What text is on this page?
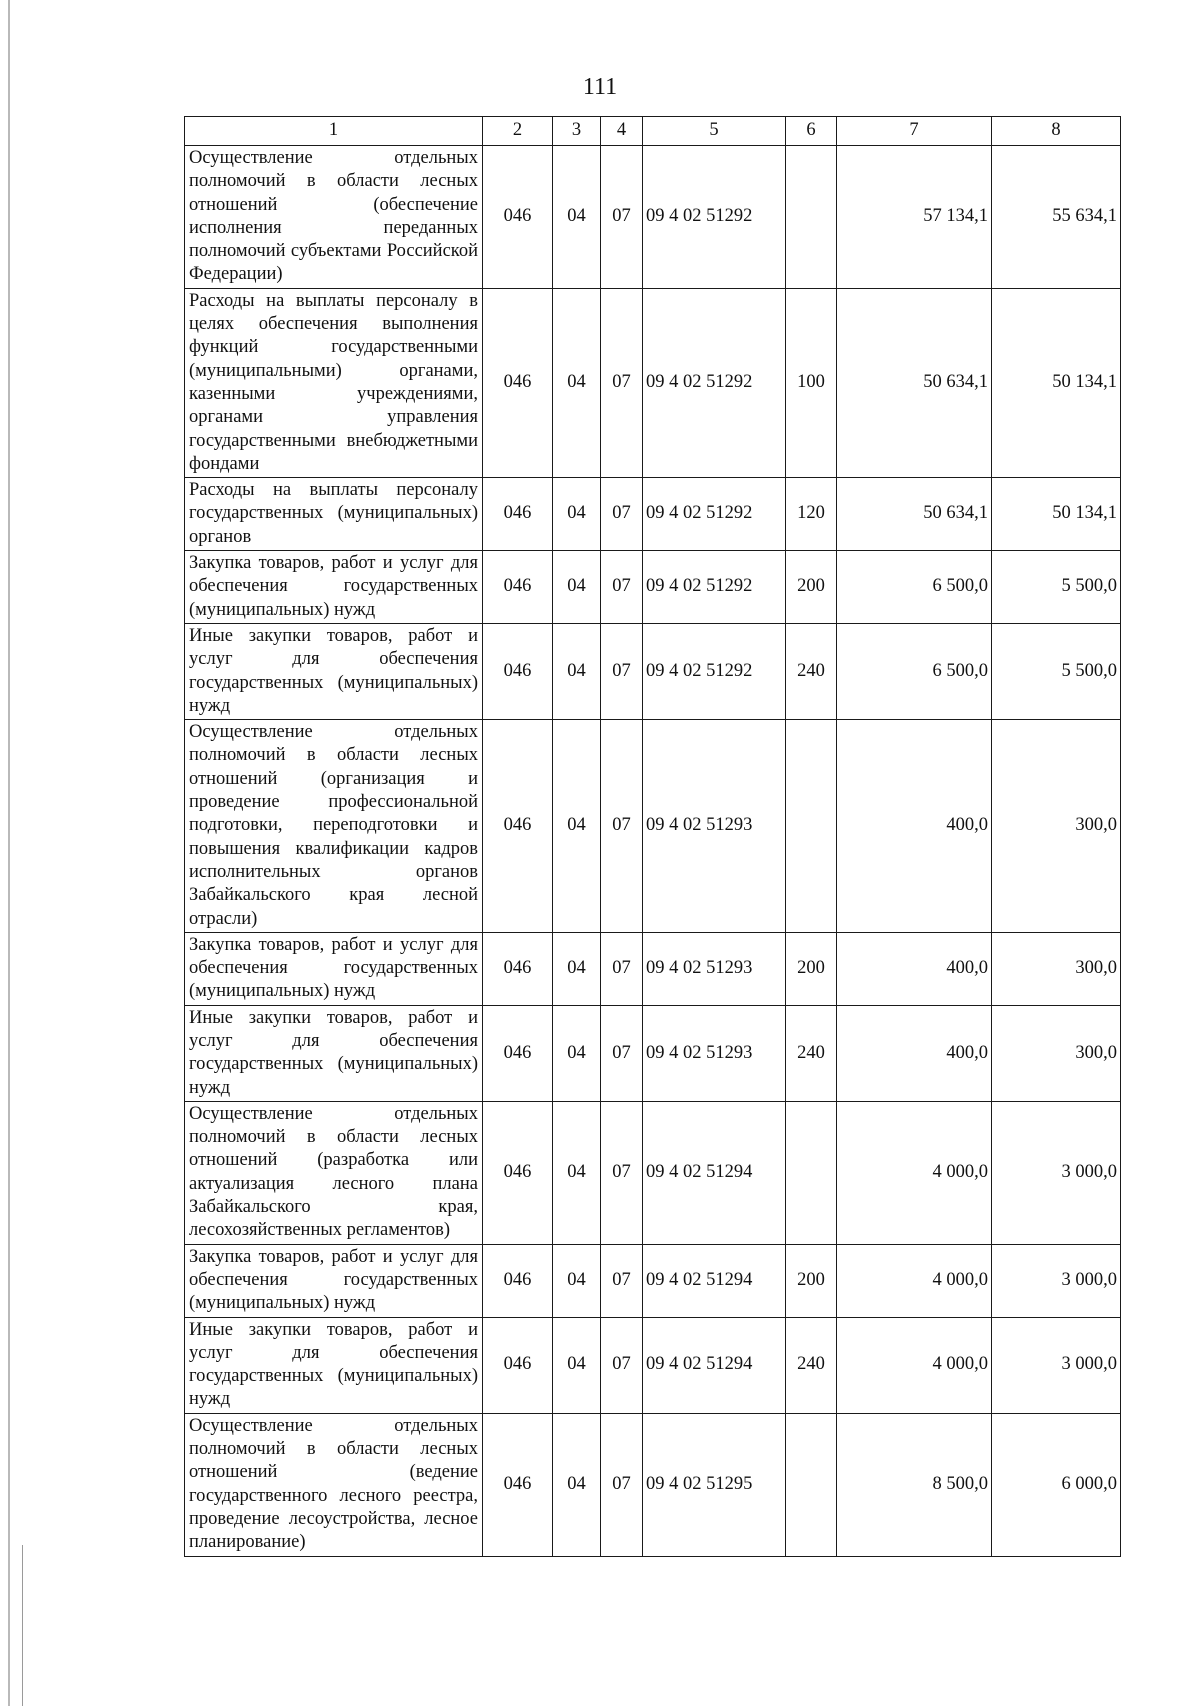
111
1	2	3	4	5	6	7	8
Осуществление отдельных полномочий в области лесных отношений (обеспечение исполнения переданных полномочий субъектами Российской Федерации)	046	04	07	09 4 02 51292		57 134,1	55 634,1
Расходы на выплаты персоналу в целях обеспечения выполнения функций государственными (муниципальными) органами, казенными учреждениями, органами управления государственными внебюджетными фондами	046	04	07	09 4 02 51292	100	50 634,1	50 134,1
Расходы на выплаты персоналу государственных (муниципальных) органов	046	04	07	09 4 02 51292	120	50 634,1	50 134,1
Закупка товаров, работ и услуг для обеспечения государственных (муниципальных) нужд	046	04	07	09 4 02 51292	200	6 500,0	5 500,0
Иные закупки товаров, работ и услуг для обеспечения государственных (муниципальных) нужд	046	04	07	09 4 02 51292	240	6 500,0	5 500,0
Осуществление отдельных полномочий в области лесных отношений (организация и проведение профессиональной подготовки, переподготовки и повышения квалификации кадров исполнительных органов Забайкальского края лесной отрасли)	046	04	07	09 4 02 51293		400,0	300,0
Закупка товаров, работ и услуг для обеспечения государственных (муниципальных) нужд	046	04	07	09 4 02 51293	200	400,0	300,0
Иные закупки товаров, работ и услуг для обеспечения государственных (муниципальных) нужд	046	04	07	09 4 02 51293	240	400,0	300,0
Осуществление отдельных полномочий в области лесных отношений (разработка или актуализация лесного плана Забайкальского края, лесохозяйственных регламентов)	046	04	07	09 4 02 51294		4 000,0	3 000,0
Закупка товаров, работ и услуг для обеспечения государственных (муниципальных) нужд	046	04	07	09 4 02 51294	200	4 000,0	3 000,0
Иные закупки товаров, работ и услуг для обеспечения государственных (муниципальных) нужд	046	04	07	09 4 02 51294	240	4 000,0	3 000,0
Осуществление отдельных полномочий в области лесных отношений (ведение государственного лесного реестра, проведение лесоустройства, лесное планирование)	046	04	07	09 4 02 51295		8 500,0	6 000,0
